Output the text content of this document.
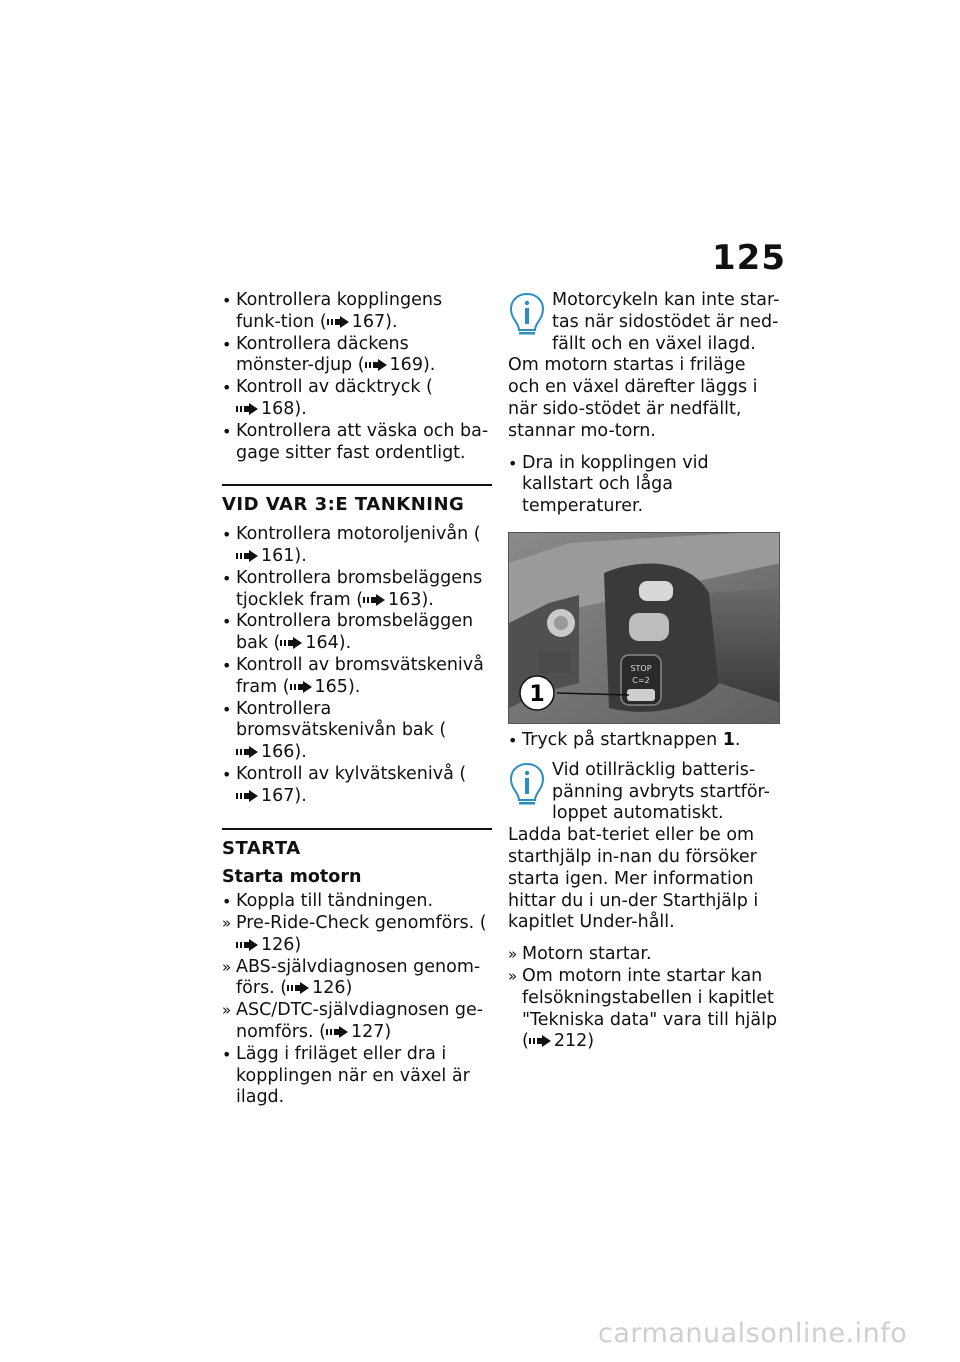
125
• Kontrollera kopplingens funk-tion ( 167).
• Kontrollera däckens mönster-djup ( 169).
• Kontroll av däcktryck (168).
• Kontrollera att väska och ba-gage sitter fast ordentligt.
VID VAR 3:E TANKNING
• Kontrollera motoroljenivån (161).
• Kontrollera bromsbeläggens tjocklek fram ( 163).
• Kontrollera bromsbeläggen bak ( 164).
• Kontroll av bromsvätskenivå fram ( 165).
• Kontrollera bromsvätskenivån bak (166).
• Kontroll av kylvätskenivå (167).
STARTA
Starta motorn
• Koppla till tändningen.
» Pre-Ride-Check genomförs. (126)
» ABS-självdiagnosen genom-förs. ( 126)
» ASC/DTC-självdiagnosen ge-nomförs. ( 127)
• Lägg i friläget eller dra i kopplingen när en växel är ilagd.

Motorcykeln kan inte star-tas när sidostödet är ned-fällt och en växel ilagd. Om motorn startas i friläge och en växel därefter läggs i när sido-stödet är nedfällt, stannar mo-torn.

• Dra in kopplingen vid kallstart och låga temperaturer.
STOP
C=2
1
• Tryck på startknappen 1.

Vid otillräcklig batteris-pänning avbryts startför-loppet automatiskt. Ladda bat-teriet eller be om starthjälp in-nan du försöker starta igen. Mer information hittar du i un-der Starthjälp i kapitlet Under-håll.

» Motorn startar.
» Om motorn inte startar kan felsökningstabellen i kapitlet "Tekniska data" vara till hjälp ( 212)
carmanualsonline.info
